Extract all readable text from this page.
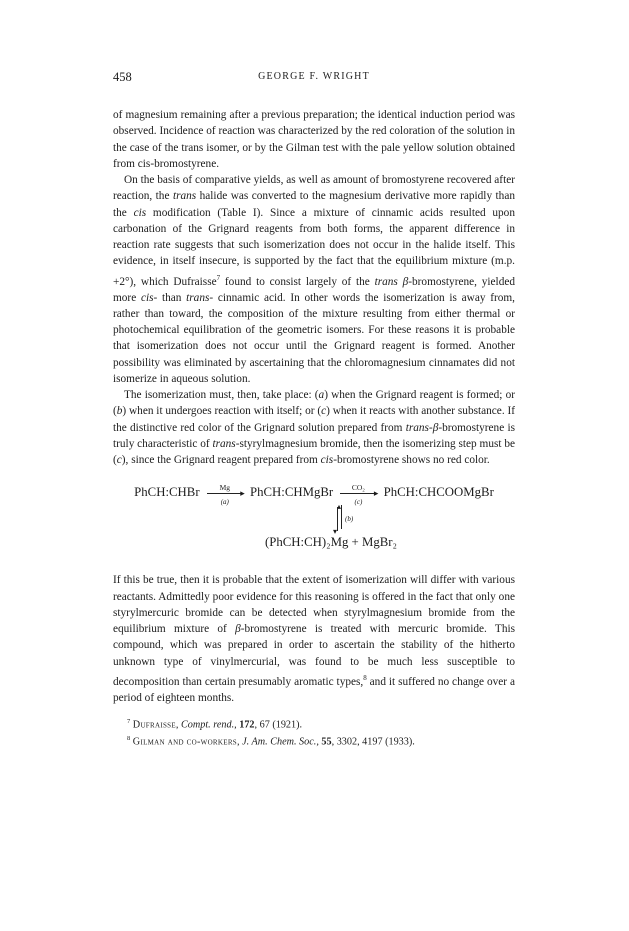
458	GEORGE F. WRIGHT

of magnesium remaining after a previous preparation; the identical induction period was observed. Incidence of reaction was characterized by the red coloration of the solution in the case of the trans isomer, or by the Gilman test with the pale yellow solution obtained from cis-bromostyrene.

On the basis of comparative yields, as well as amount of bromostyrene recovered after reaction, the trans halide was converted to the magnesium derivative more rapidly than the cis modification (Table I). Since a mixture of cinnamic acids resulted upon carbonation of the Grignard reagents from both forms, the apparent difference in reaction rate suggests that such isomerization does not occur in the halide itself. This evidence, in itself insecure, is supported by the fact that the equilibrium mixture (m.p. +2°), which Dufraisse$^7$ found to consist largely of the trans β-bromostyrene, yielded more cis- than trans- cinnamic acid. In other words the isomerization is away from, rather than toward, the composition of the mixture resulting from either thermal or photochemical equilibration of the geometric isomers. For these reasons it is probable that isomerization does not occur until the Grignard reagent is formed. Another possibility was eliminated by ascertaining that the chloromagnesium cinnamates did not isomerize in aqueous solution.

The isomerization must, then, take place: (a) when the Grignard reagent is formed; or (b) when it undergoes reaction with itself; or (c) when it reacts with another substance. If the distinctive red color of the Grignard solution prepared from trans-β-bromostyrene is truly characteristic of trans-styrylmagnesium bromide, then the isomerizing step must be (c), since the Grignard reagent prepared from cis-bromostyrene shows no red color.

PhCH:CHBr	Mg	▸
(a)
PhCH:CHMgBr	CO₂ ▸
(c)
PhCH:CHCOOMgBr
▴
▾
(b)
(PhCH:CH)₂Mg + MgBr₂

If this be true, then it is probable that the extent of isomerization will differ with various reactants. Admittedly poor evidence for this reasoning is offered in the fact that only one styrylmercuric bromide can be detected when styrylmagnesium bromide from the equilibrium mixture of β-bromostyrene is treated with mercuric bromide. This compound, which was prepared in order to ascertain the stability of the hitherto unknown type of vinylmercurial, was found to be much less susceptible to decomposition than certain presumably aromatic types,$^8$ and it suffered no change over a period of eighteen months.

$^7$ Dufraisse, Compt. rend., 172, 67 (1921).
$^8$ Gilman and co-workers, J. Am. Chem. Soc., 55, 3302, 4197 (1933).
